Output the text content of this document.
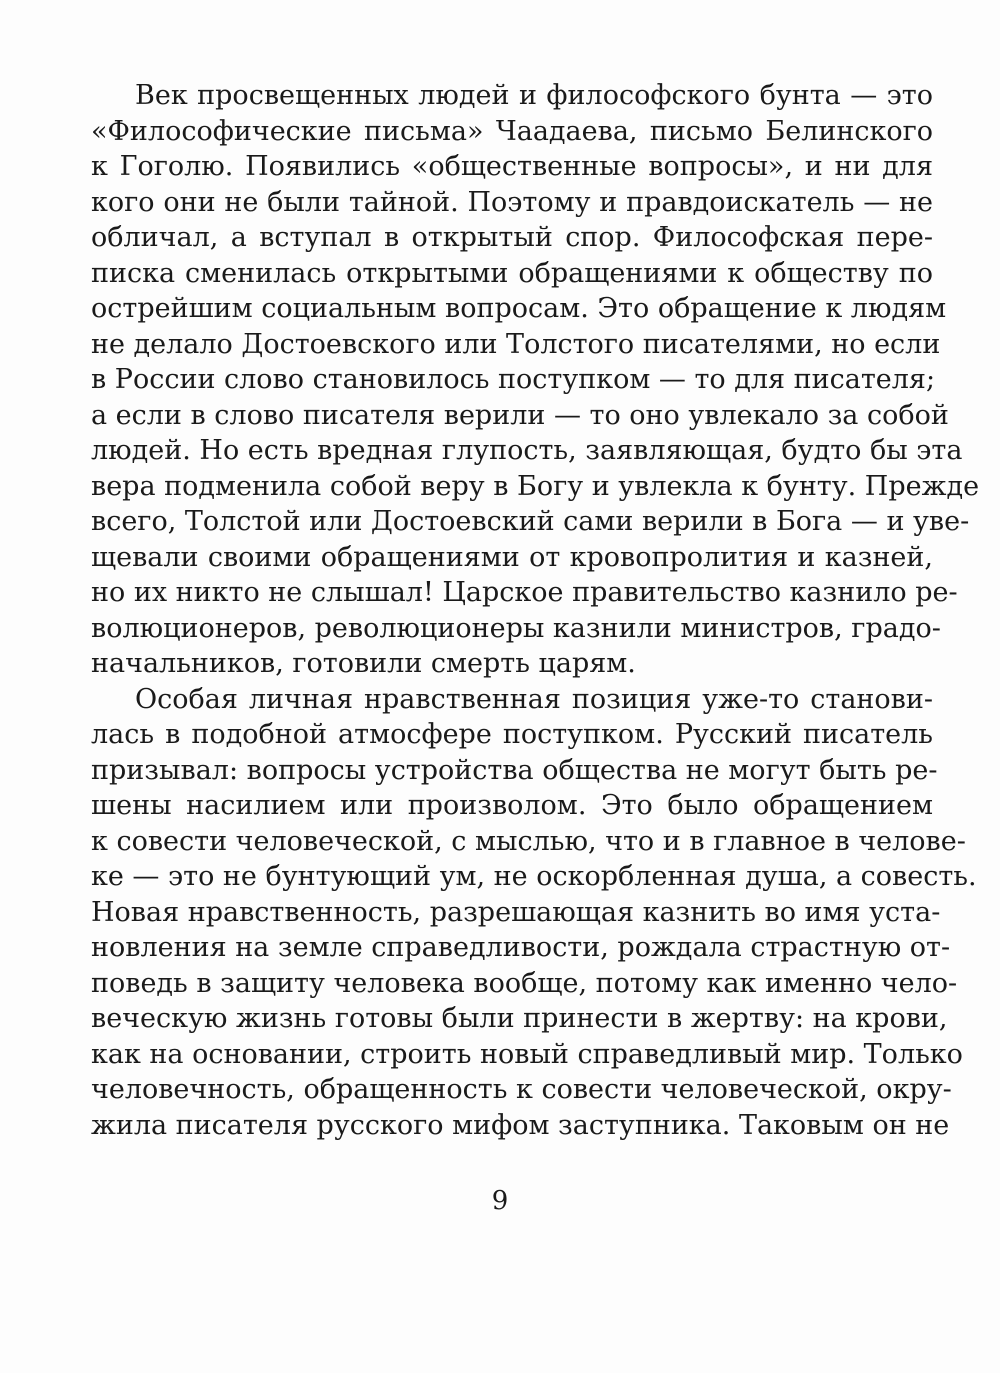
Век просвещенных людей и философского бунта — это
«Философические письма» Чаадаева, письмо Белинского
к Гоголю. Появились «общественные вопросы», и ни для
кого они не были тайной. Поэтому и правдоискатель — не
обличал, а вступал в открытый спор. Философская пере-
писка сменилась открытыми обращениями к обществу по
острейшим социальным вопросам. Это обращение к людям
не делало Достоевского или Толстого писателями, но если
в России слово становилось поступком — то для писателя;
а если в слово писателя верили — то оно увлекало за собой
людей. Но есть вредная глупость, заявляющая, будто бы эта
вера подменила собой веру в Богу и увлекла к бунту. Прежде
всего, Толстой или Достоевский сами верили в Бога — и уве-
щевали своими обращениями от кровопролития и казней,
но их никто не слышал! Царское правительство казнило ре-
волюционеров, революционеры казнили министров, градо-
начальников, готовили смерть царям.
Особая личная нравственная позиция уже-то станови-
лась в подобной атмосфере поступком. Русский писатель
призывал: вопросы устройства общества не могут быть ре-
шены насилием или произволом. Это было обращением
к совести человеческой, с мыслью, что и в главное в челове-
ке — это не бунтующий ум, не оскорбленная душа, а совесть.
Новая нравственность, разрешающая казнить во имя уста-
новления на земле справедливости, рождала страстную от-
поведь в защиту человека вообще, потому как именно чело-
веческую жизнь готовы были принести в жертву: на крови,
как на основании, строить новый справедливый мир. Только
человечность, обращенность к совести человеческой, окру-
жила писателя русского мифом заступника. Таковым он не
9
